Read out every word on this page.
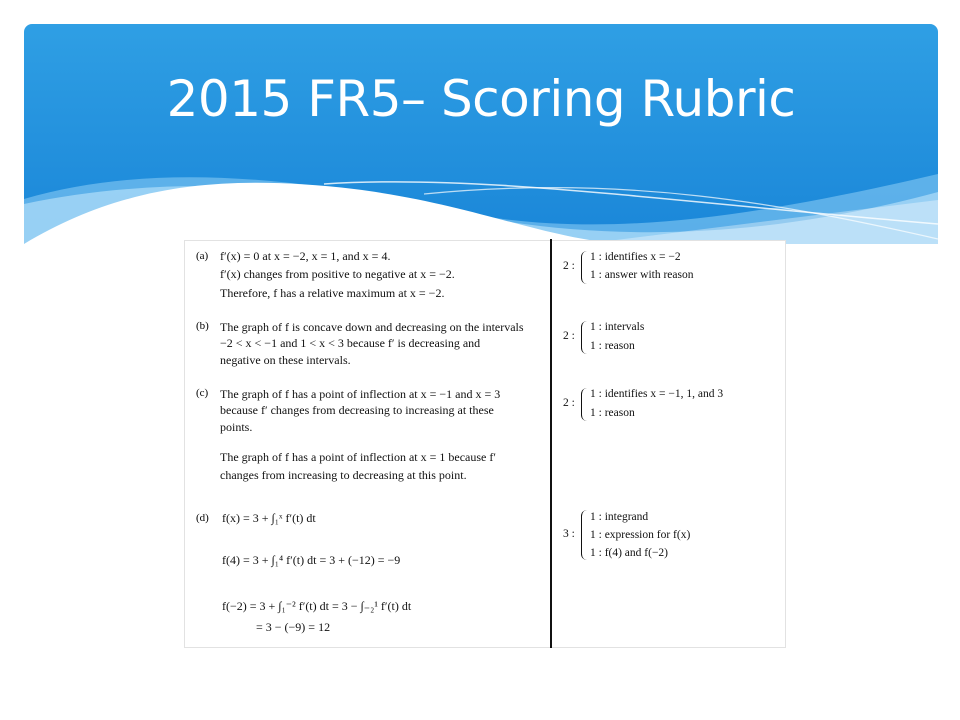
2015 FR5– Scoring Rubric
(a) f′(x) = 0 at x = −2, x = 1, and x = 4.
f′(x) changes from positive to negative at x = −2.
Therefore, f has a relative maximum at x = −2.
2 :
1 : identifies x = −2
1 : answer with reason
(b) The graph of f is concave down and decreasing on the intervals
−2 < x < −1 and 1 < x < 3 because f′ is decreasing and
negative on these intervals.
2 :
1 : intervals
1 : reason
(c) The graph of f has a point of inflection at x = −1 and x = 3
because f′ changes from decreasing to increasing at these
points.
The graph of f has a point of inflection at x = 1 because f′
changes from increasing to decreasing at this point.
2 :
1 : identifies x = −1, 1, and 3
1 : reason
(d) f(x) = 3 + ∫₁ˣ f′(t) dt
f(4) = 3 + ∫₁⁴ f′(t) dt = 3 + (−12) = −9
f(−2) = 3 + ∫₁⁻² f′(t) dt = 3 − ∫₋₂¹ f′(t) dt
= 3 − (−9) = 12
3 :
1 : integrand
1 : expression for f(x)
1 : f(4) and f(−2)
